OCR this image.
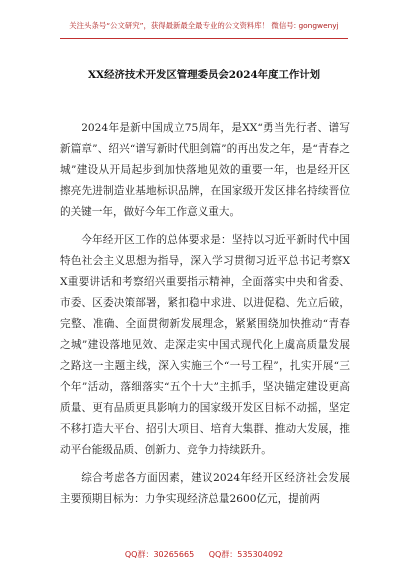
关注头条号“公文研究”，获得最新最全最专业的公文资料库！ 微信号: gongwenyj
XX经济技术开发区管理委员会2024年度工作计划

2024年是新中国成立75周年，是XX“勇当先行者、谱写新篇章”、绍兴“谱写新时代胆剑篇”的再出发之年，是“青春之城”建设从开局起步到加快落地见效的重要一年，也是经开区擦亮先进制造业基地标识品牌，在国家级开发区排名持续晋位的关键一年，做好今年工作意义重大。

今年经开区工作的总体要求是：坚持以习近平新时代中国特色社会主义思想为指导，深入学习贯彻习近平总书记考察XX重要讲话和考察绍兴重要指示精神，全面落实中央和省委、市委、区委决策部署，紧扣稳中求进、以进促稳、先立后破，完整、准确、全面贯彻新发展理念，紧紧围绕加快推动“青春之城”建设落地见效、走深走实中国式现代化上虞高质量发展之路这一主题主线，深入实施三个“一号工程”，扎实开展“三个年”活动，落细落实“五个十大”主抓手，坚决锚定建设更高质量、更有品质更具影响力的国家级开发区目标不动摇，坚定不移打造大平台、招引大项目、培育大集群、推动大发展，推动平台能级品质、创新力、竞争力持续跃升。

综合考虑各方面因素，建议2024年经开区经济社会发展主要预期目标为：力争实现经济总量2600亿元，提前两

QQ群：30265665 QQ群：535304092
